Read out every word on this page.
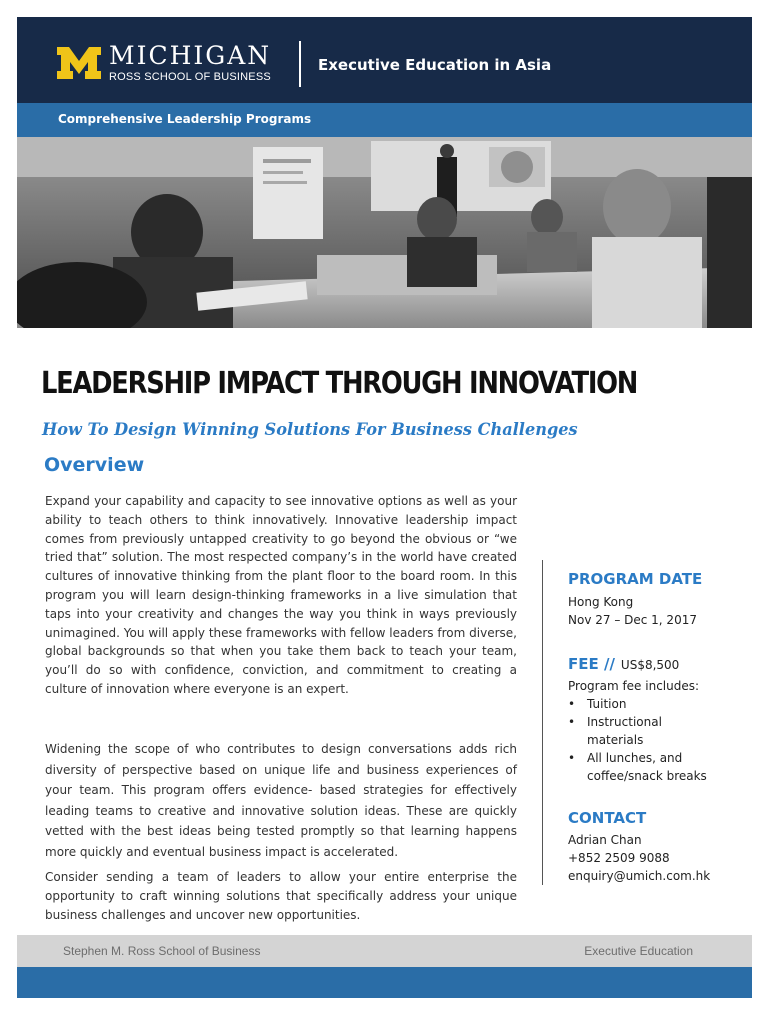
MICHIGAN
ROSS SCHOOL OF BUSINESS
Executive Education in Asia
Comprehensive Leadership Programs
LEADERSHIP IMPACT THROUGH INNOVATION
How To Design Winning Solutions For Business Challenges
Overview

Expand your capability and capacity to see innovative options as well as your ability to teach others to think innovatively. Innovative leadership impact comes from previously untapped creativity to go beyond the obvious or “we tried that” solution. The most respected company’s in the world have created cultures of innovative thinking from the plant floor to the board room. In this program you will learn design-thinking frameworks in a live simulation that taps into your creativity and changes the way you think in ways previously unimagined. You will apply these frameworks with fellow leaders from diverse, global backgrounds so that when you take them back to teach your team, you’ll do so with confidence, conviction, and commitment to creating a culture of innovation where everyone is an expert.

Widening the scope of who contributes to design conversations adds rich diversity of perspective based on unique life and business experiences of your team. This program offers evidence- based strategies for effectively leading teams to creative and innovative solution ideas. These are quickly vetted with the best ideas being tested promptly so that learning happens more quickly and eventual business impact is accelerated.

Consider sending a team of leaders to allow your entire enterprise the opportunity to craft winning solutions that specifically address your unique business challenges and uncover new opportunities.

PROGRAM DATE
Hong Kong
Nov 27 – Dec 1, 2017
FEE // US$8,500
Program fee includes:
• Tuition
• Instructional materials
• All lunches, and coffee/snack breaks
CONTACT
Adrian Chan
+852 2509 9088
enquiry@umich.com.hk
Stephen M. Ross School of Business	Executive Education
